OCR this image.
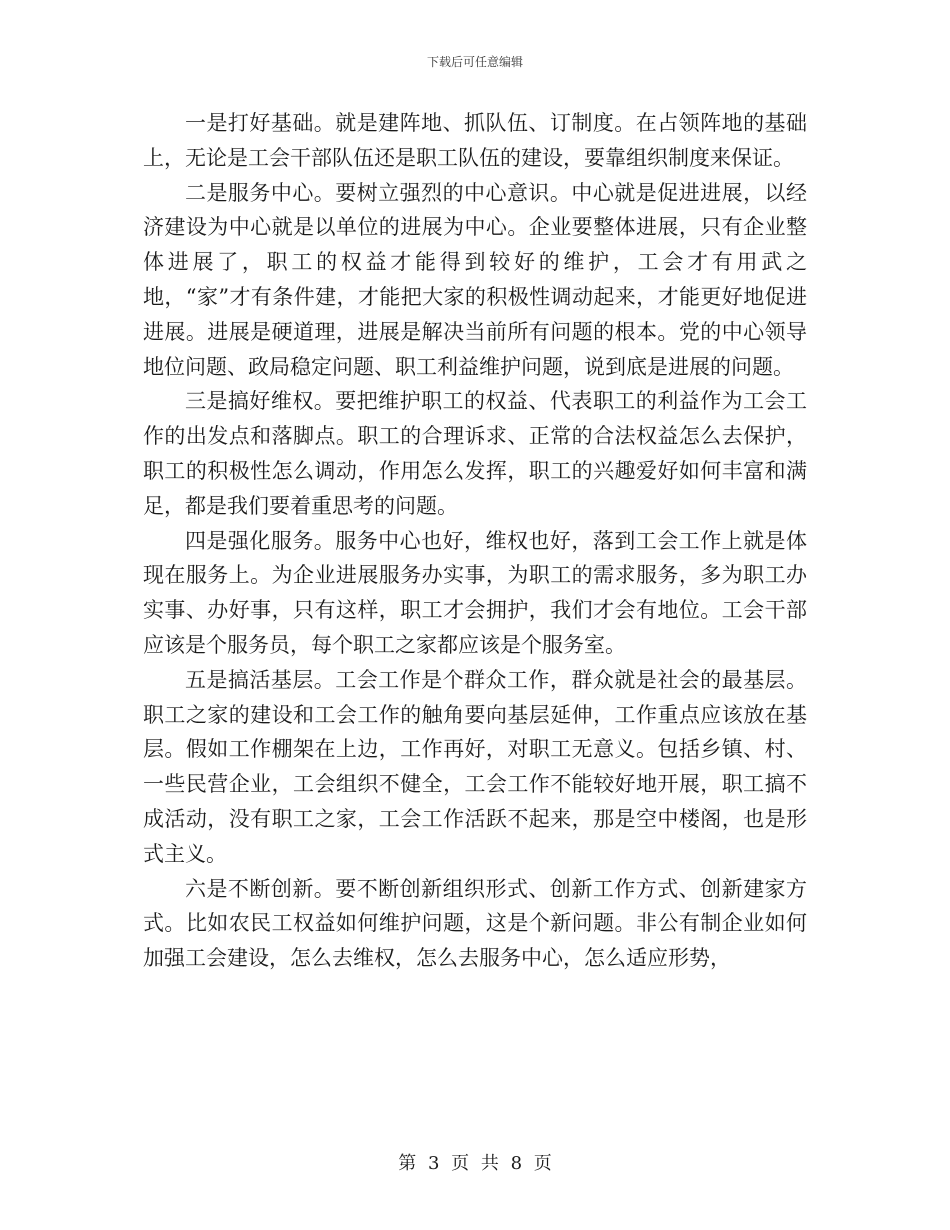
下载后可任意编辑

一是打好基础。就是建阵地、抓队伍、订制度。在占领阵地的基础上，无论是工会干部队伍还是职工队伍的建设，要靠组织制度来保证。

二是服务中心。要树立强烈的中心意识。中心就是促进进展，以经济建设为中心就是以单位的进展为中心。企业要整体进展，只有企业整体进展了，职工的权益才能得到较好的维护，工会才有用武之地，“家”才有条件建，才能把大家的积极性调动起来，才能更好地促进进展。进展是硬道理，进展是解决当前所有问题的根本。党的中心领导地位问题、政局稳定问题、职工利益维护问题，说到底是进展的问题。

三是搞好维权。要把维护职工的权益、代表职工的利益作为工会工作的出发点和落脚点。职工的合理诉求、正常的合法权益怎么去保护，职工的积极性怎么调动，作用怎么发挥，职工的兴趣爱好如何丰富和满足，都是我们要着重思考的问题。

四是强化服务。服务中心也好，维权也好，落到工会工作上就是体现在服务上。为企业进展服务办实事，为职工的需求服务，多为职工办实事、办好事，只有这样，职工才会拥护，我们才会有地位。工会干部应该是个服务员，每个职工之家都应该是个服务室。

五是搞活基层。工会工作是个群众工作，群众就是社会的最基层。职工之家的建设和工会工作的触角要向基层延伸，工作重点应该放在基层。假如工作棚架在上边，工作再好，对职工无意义。包括乡镇、村、一些民营企业，工会组织不健全，工会工作不能较好地开展，职工搞不成活动，没有职工之家，工会工作活跃不起来，那是空中楼阁，也是形式主义。

六是不断创新。要不断创新组织形式、创新工作方式、创新建家方式。比如农民工权益如何维护问题，这是个新问题。非公有制企业如何加强工会建设，怎么去维权，怎么去服务中心，怎么适应形势，

第 3 页 共 8 页
